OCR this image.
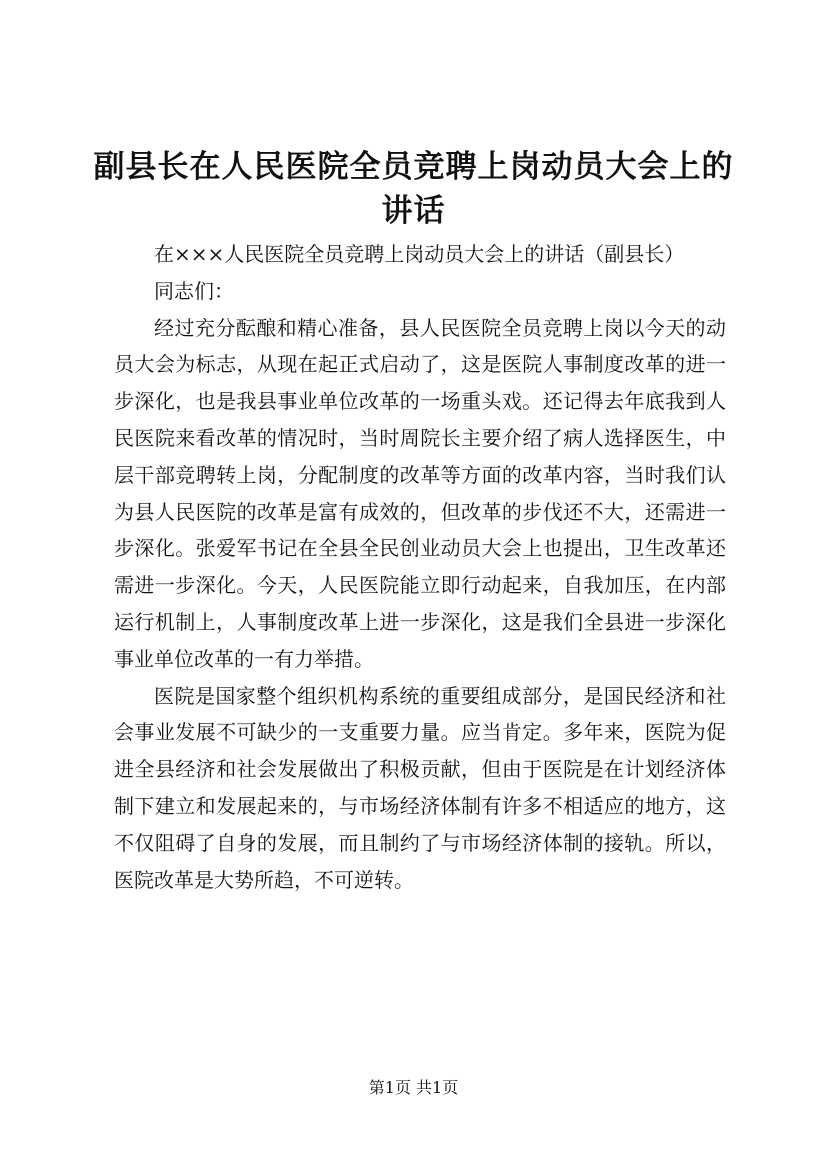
副县长在人民医院全员竞聘上岗动员大会上的讲话

在×××人民医院全员竞聘上岗动员大会上的讲话（副县长）

同志们：

经过充分酝酿和精心准备，县人民医院全员竞聘上岗以今天的动员大会为标志，从现在起正式启动了，这是医院人事制度改革的进一步深化，也是我县事业单位改革的一场重头戏。还记得去年底我到人民医院来看改革的情况时，当时周院长主要介绍了病人选择医生，中层干部竞聘转上岗，分配制度的改革等方面的改革内容，当时我们认为县人民医院的改革是富有成效的，但改革的步伐还不大，还需进一步深化。张爱军书记在全县全民创业动员大会上也提出，卫生改革还需进一步深化。今天，人民医院能立即行动起来，自我加压，在内部运行机制上，人事制度改革上进一步深化，这是我们全县进一步深化事业单位改革的一有力举措。

医院是国家整个组织机构系统的重要组成部分，是国民经济和社会事业发展不可缺少的一支重要力量。应当肯定。多年来，医院为促进全县经济和社会发展做出了积极贡献，但由于医院是在计划经济体制下建立和发展起来的，与市场经济体制有许多不相适应的地方，这不仅阻碍了自身的发展，而且制约了与市场经济体制的接轨。所以，医院改革是大势所趋，不可逆转。

第1页 共1页
